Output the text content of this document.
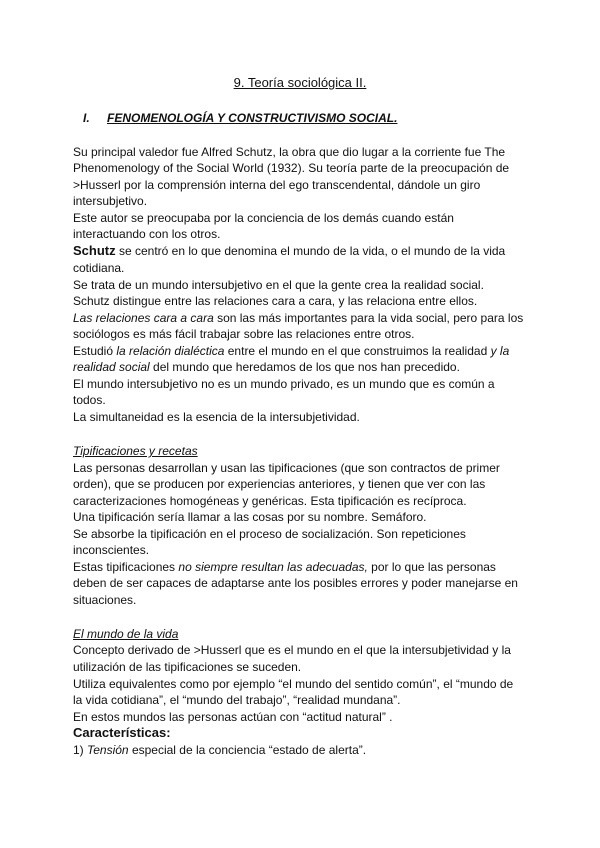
9. Teoría sociológica II.
I. FENOMENOLOGÍA Y CONSTRUCTIVISMO SOCIAL.
Su principal valedor fue Alfred Schutz, la obra que dio lugar a la corriente fue The
Phenomenology of the Social World (1932). Su teoría parte de la preocupación de
>Husserl por la comprensión interna del ego transcendental, dándole un giro
intersubjetivo.
Este autor se preocupaba por la conciencia de los demás cuando están
interactuando con los otros.
Schutz se centró en lo que denomina el mundo de la vida, o el mundo de la vida
cotidiana.
Se trata de un mundo intersubjetivo en el que la gente crea la realidad social.
Schutz distingue entre las relaciones cara a cara, y las relaciona entre ellos.
Las relaciones cara a cara son las más importantes para la vida social, pero para los
sociólogos es más fácil trabajar sobre las relaciones entre otros.
Estudió la relación dialéctica entre el mundo en el que construimos la realidad y la
realidad social del mundo que heredamos de los que nos han precedido.
El mundo intersubjetivo no es un mundo privado, es un mundo que es común a
todos.
La simultaneidad es la esencia de la intersubjetividad.
Tipificaciones y recetas
Las personas desarrollan y usan las tipificaciones (que son contractos de primer
orden), que se producen por experiencias anteriores, y tienen que ver con las
caracterizaciones homogéneas y genéricas. Esta tipificación es recíproca.
Una tipificación sería llamar a las cosas por su nombre. Semáforo.
Se absorbe la tipificación en el proceso de socialización. Son repeticiones
inconscientes.
Estas tipificaciones no siempre resultan las adecuadas, por lo que las personas
deben de ser capaces de adaptarse ante los posibles errores y poder manejarse en
situaciones.
El mundo de la vida
Concepto derivado de >Husserl que es el mundo en el que la intersubjetividad y la
utilización de las tipificaciones se suceden.
Utiliza equivalentes como por ejemplo “el mundo del sentido común”, el “mundo de
la vida cotidiana”, el “mundo del trabajo”, “realidad mundana”.
En estos mundos las personas actúan con “actitud natural” .
Características:
1) Tensión especial de la conciencia “estado de alerta”.
